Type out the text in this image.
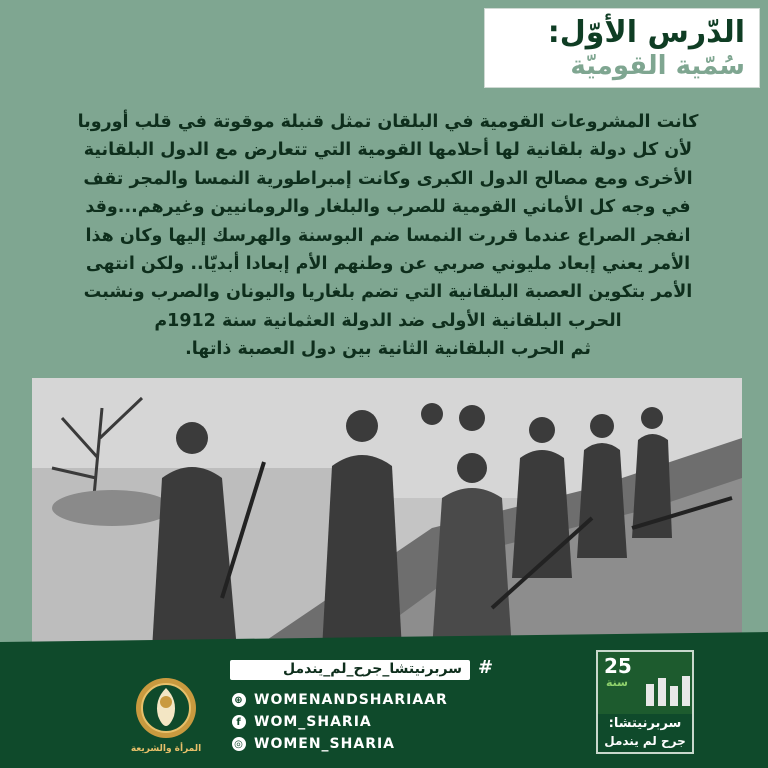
الدّرس الأوّل:
سُمّية القوميّة
كانت المشروعات القومية في البلقان تمثل قنبلة موقوتة في قلب أوروبا
لأن كل دولة بلقانية لها أحلامها القومية التي تتعارض مع الدول البلقانية
الأخرى ومع مصالح الدول الكبرى وكانت إمبراطورية النمسا والمجر تقف
في وجه كل الأماني القومية للصرب والبلغار والرومانيين وغيرهم...وقد
انفجر الصراع عندما قررت النمسا ضم البوسنة والهرسك إليها وكان هذا
الأمر يعني إبعاد مليوني صربي عن وطنهم الأم إبعادا أبديّا.. ولكن انتهى
الأمر بتكوين العصبة البلقانية التي تضم بلغاريا واليونان والصرب ونشبت
الحرب البلقانية الأولى ضد الدولة العثمانية سنة 1912م
ثم الحرب البلقانية الثانية بين دول العصبة ذاتها.
#
سربرنيتشا_جرح_لم_يندمل
⊕ WOMENANDSHARIAAR
f WOM_SHARIA
◎ WOMEN_SHARIA
المرأة والشريعة
25
سنة
سربرنيتشا:
جرح لم يندمل
